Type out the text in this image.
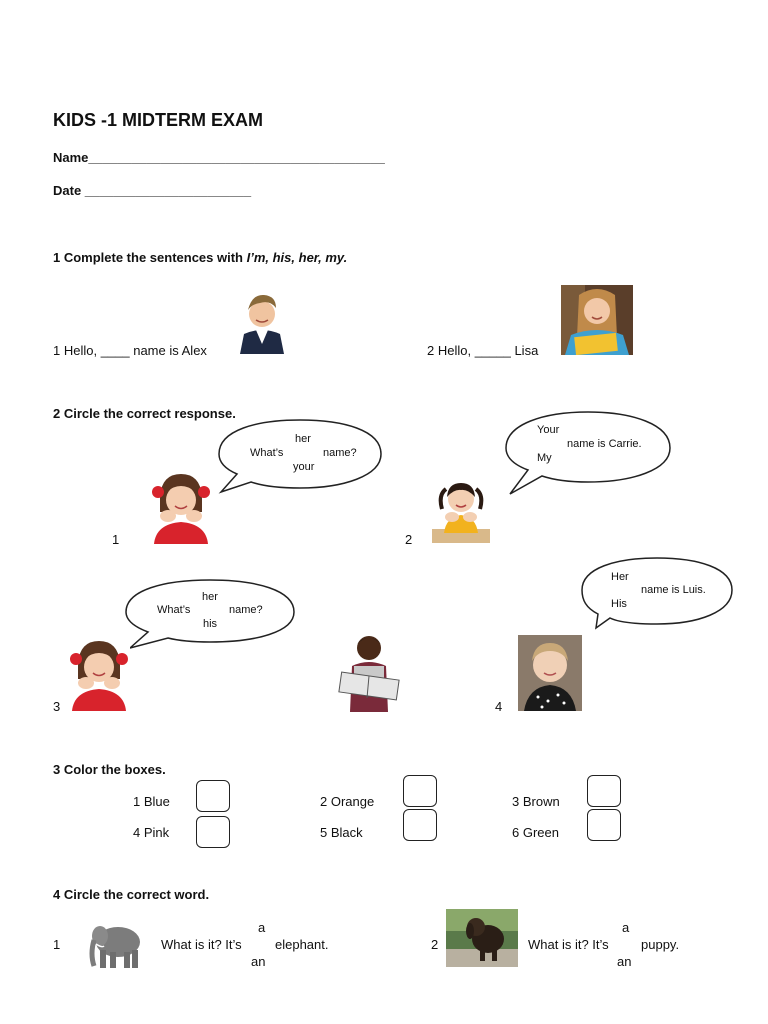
KIDS -1 MIDTERM EXAM
Name_________________________________________
Date _______________________
1 Complete the sentences with I’m, his, her, my.
1 Hello, ____ name is Alex	2 Hello, _____ Lisa
2 Circle the correct response.
her
What’s	name?
your
Your
name is Carrie.
My
1	2
her
What’s	name?
his
Her
name is Luis.
His
3	4
3 Color the boxes.
1 Blue	2 Orange	3 Brown
4 Pink	5 Black	6 Green
4 Circle the correct word.
1	What is it? It’s
a
an
elephant.	2	What is it? It’s
a
an
puppy.
